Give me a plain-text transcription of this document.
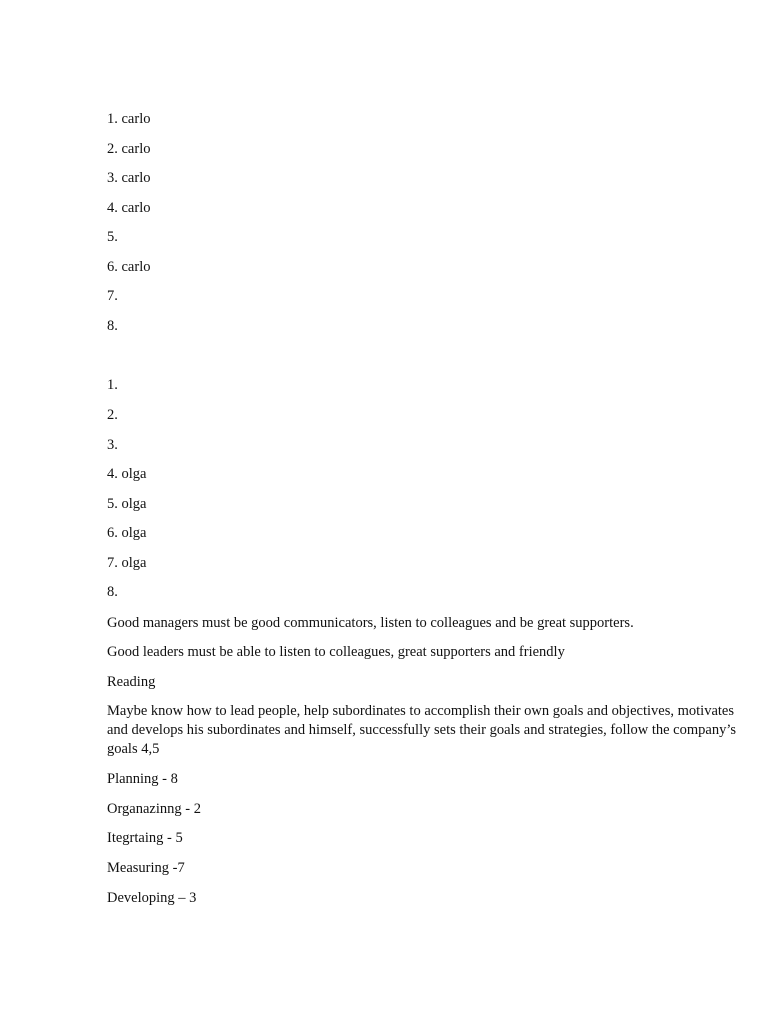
1. carlo
2. carlo
3. carlo
4. carlo
5.
6. carlo
7.
8.
1.
2.
3.
4. olga
5. olga
6. olga
7. olga
8.
Good managers must be good communicators, listen to colleagues and be great supporters.
Good leaders must be able to listen to colleagues, great supporters and friendly
Reading
Maybe know how to lead people, help subordinates to accomplish their own goals and objectives, motivates and develops his subordinates and himself, successfully sets their goals and strategies, follow the company’s goals 4,5
Planning - 8
Organazinng - 2
Itegrtaing - 5
Measuring -7
Developing – 3
